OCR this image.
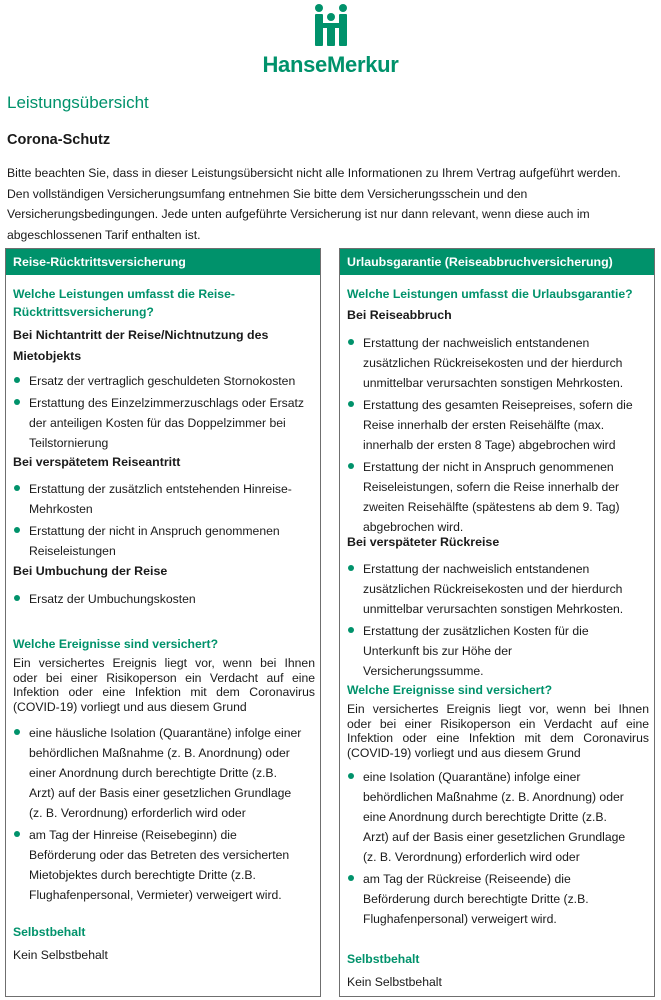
HanseMerkur
Leistungsübersicht
Corona-Schutz
Bitte beachten Sie, dass in dieser Leistungsübersicht nicht alle Informationen zu Ihrem Vertrag aufgeführt werden.
Den vollständigen Versicherungsumfang entnehmen Sie bitte dem Versicherungsschein und den
Versicherungsbedingungen. Jede unten aufgeführte Versicherung ist nur dann relevant, wenn diese auch im
abgeschlossenen Tarif enthalten ist.
Reise-Rücktrittsversicherung
Welche Leistungen umfasst die Reise-
Rücktrittsversicherung?
Bei Nichtantritt der Reise/Nichtnutzung des
Mietobjekts
Ersatz der vertraglich geschuldeten Stornokosten
Erstattung des Einzelzimmerzuschlags oder Ersatz
der anteiligen Kosten für das Doppelzimmer bei
Teilstornierung
Bei verspätetem Reiseantritt
Erstattung der zusätzlich entstehenden Hinreise-
Mehrkosten
Erstattung der nicht in Anspruch genommenen
Reiseleistungen
Bei Umbuchung der Reise
Ersatz der Umbuchungskosten
Welche Ereignisse sind versichert?
Ein versichertes Ereignis liegt vor, wenn bei Ihnen
oder bei einer Risikoperson ein Verdacht auf eine
Infektion oder eine Infektion mit dem Coronavirus
(COVID-19) vorliegt und aus diesem Grund
eine häusliche Isolation (Quarantäne) infolge einer
behördlichen Maßnahme (z. B. Anordnung) oder
einer Anordnung durch berechtigte Dritte (z.B.
Arzt) auf der Basis einer gesetzlichen Grundlage
(z. B. Verordnung) erforderlich wird oder
am Tag der Hinreise (Reisebeginn) die
Beförderung oder das Betreten des versicherten
Mietobjektes durch berechtigte Dritte (z.B.
Flughafenpersonal, Vermieter) verweigert wird.
Selbstbehalt
Kein Selbstbehalt
Urlaubsgarantie (Reiseabbruchversicherung)
Welche Leistungen umfasst die Urlaubsgarantie?
Bei Reiseabbruch
Erstattung der nachweislich entstandenen
zusätzlichen Rückreisekosten und der hierdurch
unmittelbar verursachten sonstigen Mehrkosten.
Erstattung des gesamten Reisepreises, sofern die
Reise innerhalb der ersten Reisehälfte (max.
innerhalb der ersten 8 Tage) abgebrochen wird
Erstattung der nicht in Anspruch genommenen
Reiseleistungen, sofern die Reise innerhalb der
zweiten Reisehälfte (spätestens ab dem 9. Tag)
abgebrochen wird.
Bei verspäteter Rückreise
Erstattung der nachweislich entstandenen
zusätzlichen Rückreisekosten und der hierdurch
unmittelbar verursachten sonstigen Mehrkosten.
Erstattung der zusätzlichen Kosten für die
Unterkunft bis zur Höhe der
Versicherungssumme.
Welche Ereignisse sind versichert?
Ein versichertes Ereignis liegt vor, wenn bei Ihnen
oder bei einer Risikoperson ein Verdacht auf eine
Infektion oder eine Infektion mit dem Coronavirus
(COVID-19) vorliegt und aus diesem Grund
eine Isolation (Quarantäne) infolge einer
behördlichen Maßnahme (z. B. Anordnung) oder
eine Anordnung durch berechtigte Dritte (z.B.
Arzt) auf der Basis einer gesetzlichen Grundlage
(z. B. Verordnung) erforderlich wird oder
am Tag der Rückreise (Reiseende) die
Beförderung durch berechtigte Dritte (z.B.
Flughafenpersonal) verweigert wird.
Selbstbehalt
Kein Selbstbehalt
